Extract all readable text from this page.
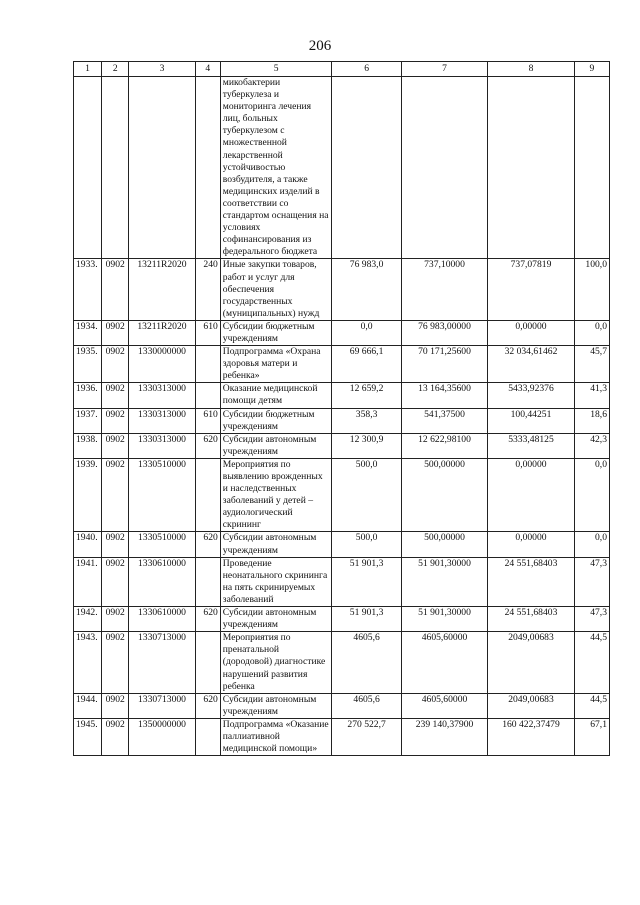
206
1	2	3	4	5	6	7	8	9
				микобактерии туберкулеза и мониторинга лечения лиц, больных туберкулезом с множественной лекарственной устойчивостью возбудителя, а также медицинских изделий в соответствии со стандартом оснащения на условиях софинансирования из федерального бюджета				
1933.	0902	13211R2020	240	Иные закупки товаров, работ и услуг для обеспечения государственных (муниципальных) нужд	76 983,0	737,10000	737,07819	100,0
1934.	0902	13211R2020	610	Субсидии бюджетным учреждениям	0,0	76 983,00000	0,00000	0,0
1935.	0902	1330000000		Подпрограмма «Охрана здоровья матери и ребенка»	69 666,1	70 171,25600	32 034,61462	45,7
1936.	0902	1330313000		Оказание медицинской помощи детям	12 659,2	13 164,35600	5433,92376	41,3
1937.	0902	1330313000	610	Субсидии бюджетным учреждениям	358,3	541,37500	100,44251	18,6
1938.	0902	1330313000	620	Субсидии автономным учреждениям	12 300,9	12 622,98100	5333,48125	42,3
1939.	0902	1330510000		Мероприятия по выявлению врожденных и наследственных заболеваний у детей – аудиологический скрининг	500,0	500,00000	0,00000	0,0
1940.	0902	1330510000	620	Субсидии автономным учреждениям	500,0	500,00000	0,00000	0,0
1941.	0902	1330610000		Проведение неонатального скрининга на пять скринируемых заболеваний	51 901,3	51 901,30000	24 551,68403	47,3
1942.	0902	1330610000	620	Субсидии автономным учреждениям	51 901,3	51 901,30000	24 551,68403	47,3
1943.	0902	1330713000		Мероприятия по пренатальной (дородовой) диагностике нарушений развития ребенка	4605,6	4605,60000	2049,00683	44,5
1944.	0902	1330713000	620	Субсидии автономным учреждениям	4605,6	4605,60000	2049,00683	44,5
1945.	0902	1350000000		Подпрограмма «Оказание паллиативной медицинской помощи»	270 522,7	239 140,37900	160 422,37479	67,1
